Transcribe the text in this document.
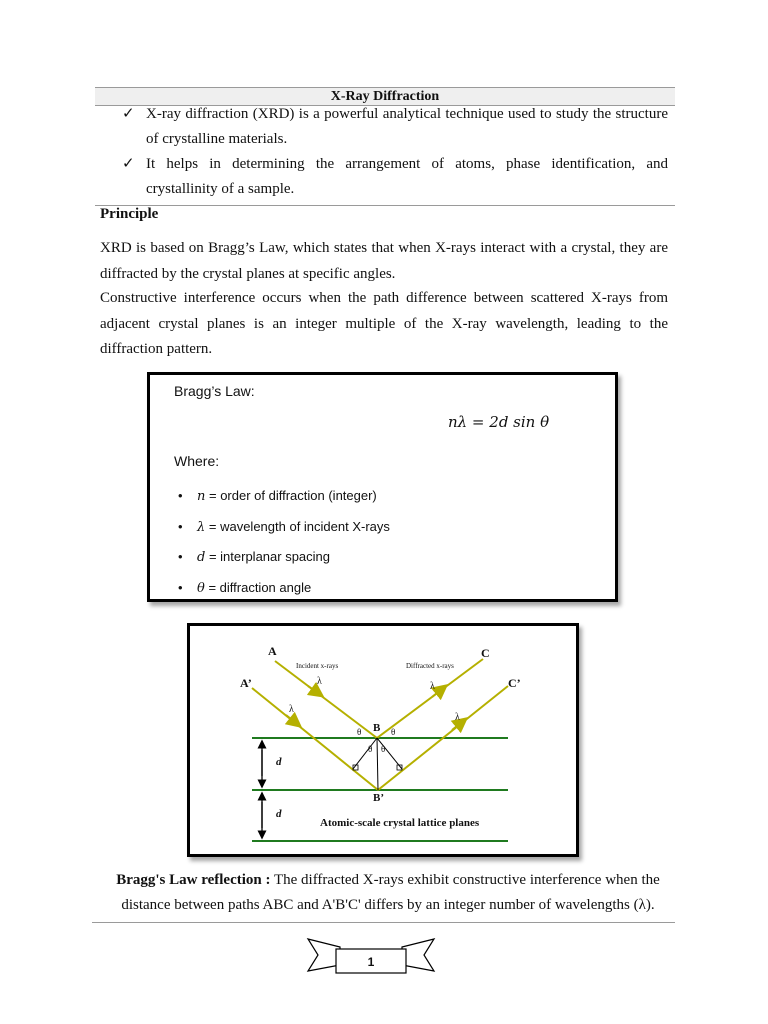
X-Ray Diffraction
✓ X-ray diffraction (XRD) is a powerful analytical technique used to study the structure of crystalline materials.
✓ It helps in determining the arrangement of atoms, phase identification, and crystallinity of a sample.
Principle
XRD is based on Bragg’s Law, which states that when X-rays interact with a crystal, they are diffracted by the crystal planes at specific angles.
Constructive interference occurs when the path difference between scattered X-rays from adjacent crystal planes is an integer multiple of the X-ray wavelength, leading to the diffraction pattern.
Bragg’s Law:
nλ = 2d sin θ
Where:
•    n = order of diffraction (integer)
•    λ = wavelength of incident X-rays
•    d = interplanar spacing
•    θ = diffraction angle
A
A’
C
C’
B
B’
d
d
Incident x-rays	Diffracted x-rays
λ
λ
λ
λ
θ	θ
θ θ
Atomic-scale crystal lattice planes
Bragg's Law reflection : The diffracted X-rays exhibit constructive interference when the distance between paths ABC and A'B'C' differs by an integer number of wavelengths (λ).
1
